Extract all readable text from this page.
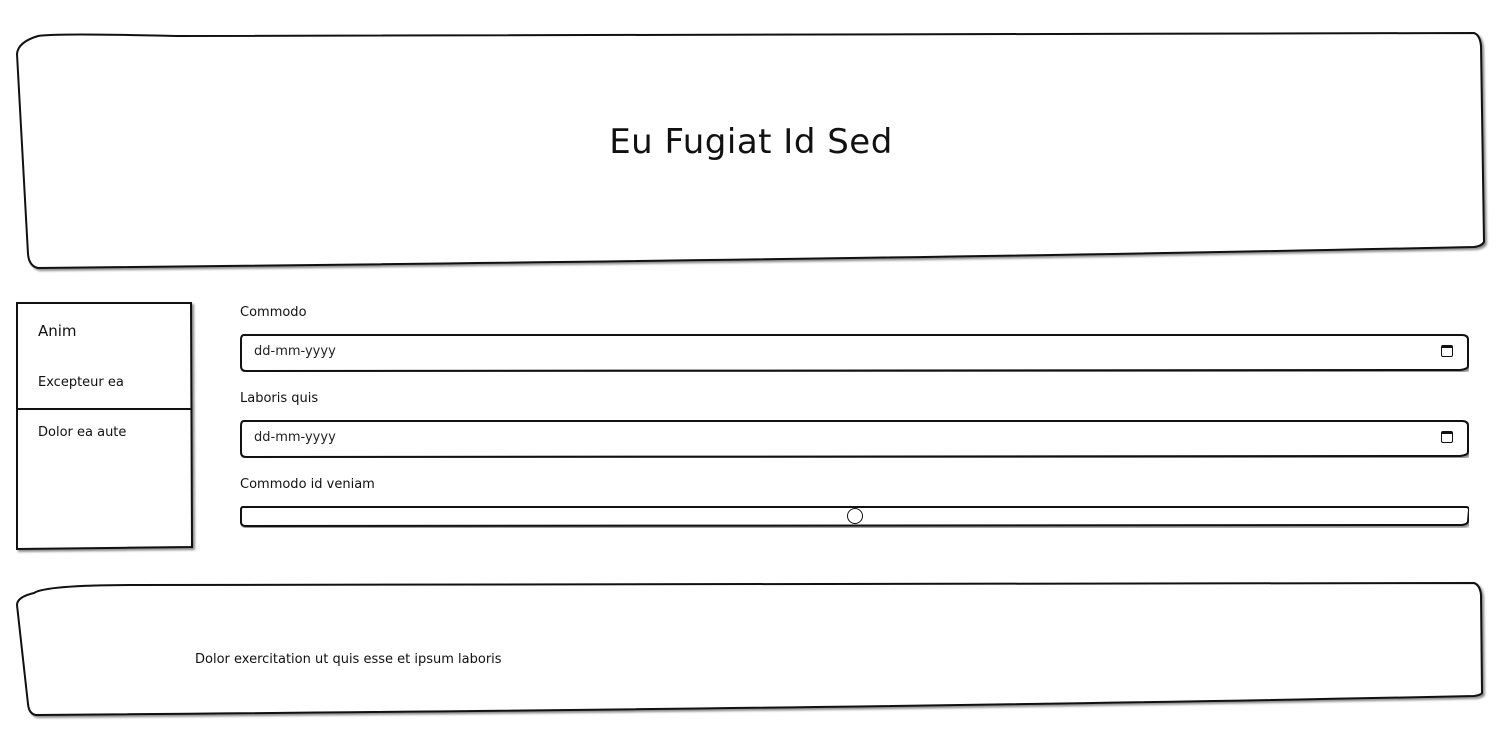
Eu Fugiat Id Sed
Anim
Excepteur ea
Dolor ea aute
Commodo
dd-mm-yyyy
Laboris quis
dd-mm-yyyy
Commodo id veniam
Dolor exercitation ut quis esse et ipsum laboris
